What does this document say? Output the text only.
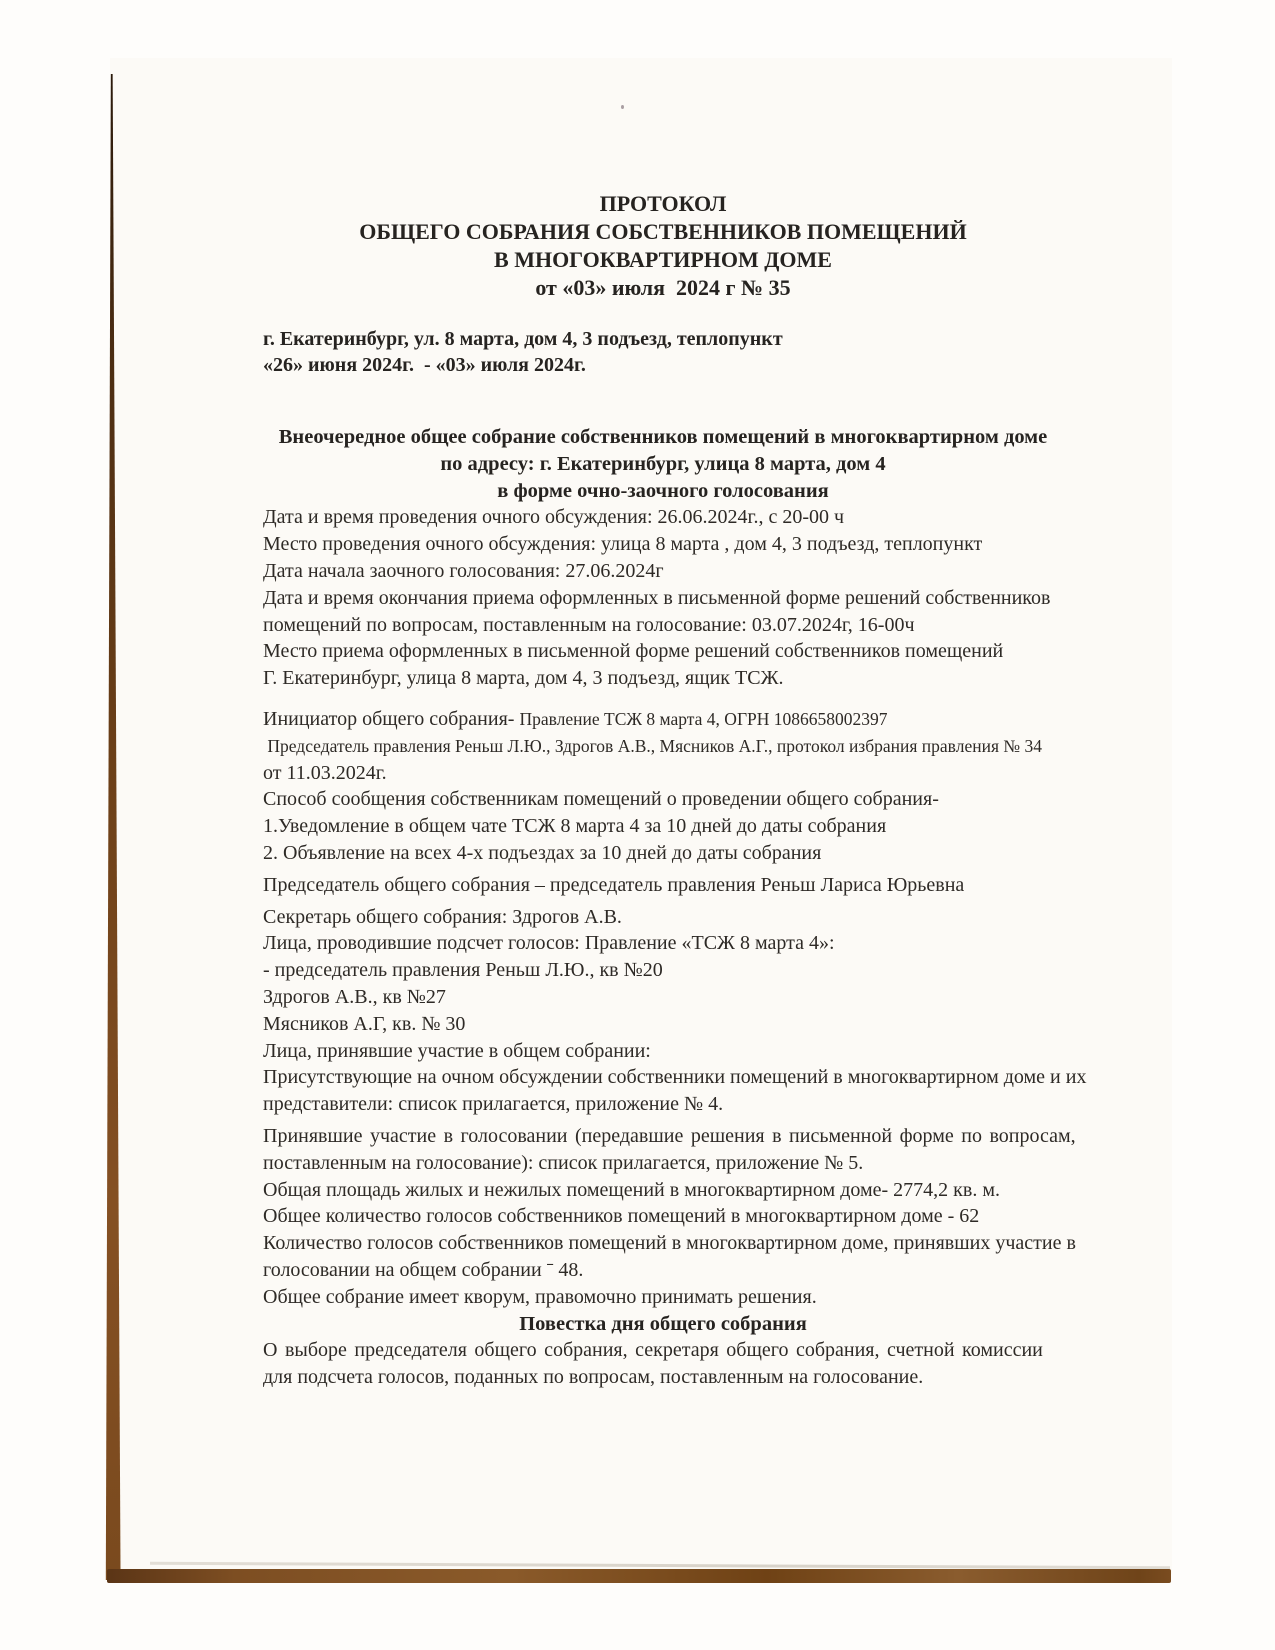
ПРОТОКОЛ
ОБЩЕГО СОБРАНИЯ СОБСТВЕННИКОВ ПОМЕЩЕНИЙ
В МНОГОКВАРТИРНОМ ДОМЕ
от «03» июля  2024 г № 35
г. Екатеринбург, ул. 8 марта, дом 4, 3 подъезд, теплопункт
«26» июня 2024г.  - «03» июля 2024г.
Внеочередное общее собрание собственников помещений в многоквартирном доме
по адресу: г. Екатеринбург, улица 8 марта, дом 4
в форме очно-заочного голосования
Дата и время проведения очного обсуждения: 26.06.2024г., с 20-00 ч
Место проведения очного обсуждения: улица 8 марта , дом 4, 3 подъезд, теплопункт
Дата начала заочного голосования: 27.06.2024г
Дата и время окончания приема оформленных в письменной форме решений собственников
помещений по вопросам, поставленным на голосование: 03.07.2024г, 16-00ч
Место приема оформленных в письменной форме решений собственников помещений
Г. Екатеринбург, улица 8 марта, дом 4, 3 подъезд, ящик ТСЖ.
Инициатор общего собрания- Правление ТСЖ 8 марта 4, ОГРН 1086658002397
Председатель правления Реньш Л.Ю., Здрогов А.В., Мясников А.Г., протокол избрания правления № 34
от 11.03.2024г.
Способ сообщения собственникам помещений о проведении общего собрания-
1.Уведомление в общем чате ТСЖ 8 марта 4 за 10 дней до даты собрания
2. Объявление на всех 4-х подъездах за 10 дней до даты собрания
Председатель общего собрания – председатель правления Реньш Лариса Юрьевна
Секретарь общего собрания: Здрогов А.В.
Лица, проводившие подсчет голосов: Правление «ТСЖ 8 марта 4»:
- председатель правления Реньш Л.Ю., кв №20
Здрогов А.В., кв №27
Мясников А.Г, кв. № 30
Лица, принявшие участие в общем собрании:
Присутствующие на очном обсуждении собственники помещений в многоквартирном доме и их
представители: список прилагается, приложение № 4.
Принявшие участие в голосовании (передавшие решения в письменной форме по вопросам,
поставленным на голосование): список прилагается, приложение № 5.
Общая площадь жилых и нежилых помещений в многоквартирном доме- 2774,2 кв. м.
Общее количество голосов собственников помещений в многоквартирном доме - 62
Количество голосов собственников помещений в многоквартирном доме, принявших участие в
голосовании на общем собрании ˉ 48.
Общее собрание имеет кворум, правомочно принимать решения.
Повестка дня общего собрания
О выборе председателя общего собрания, секретаря общего собрания, счетной комиссии
для подсчета голосов, поданных по вопросам, поставленным на голосование.
